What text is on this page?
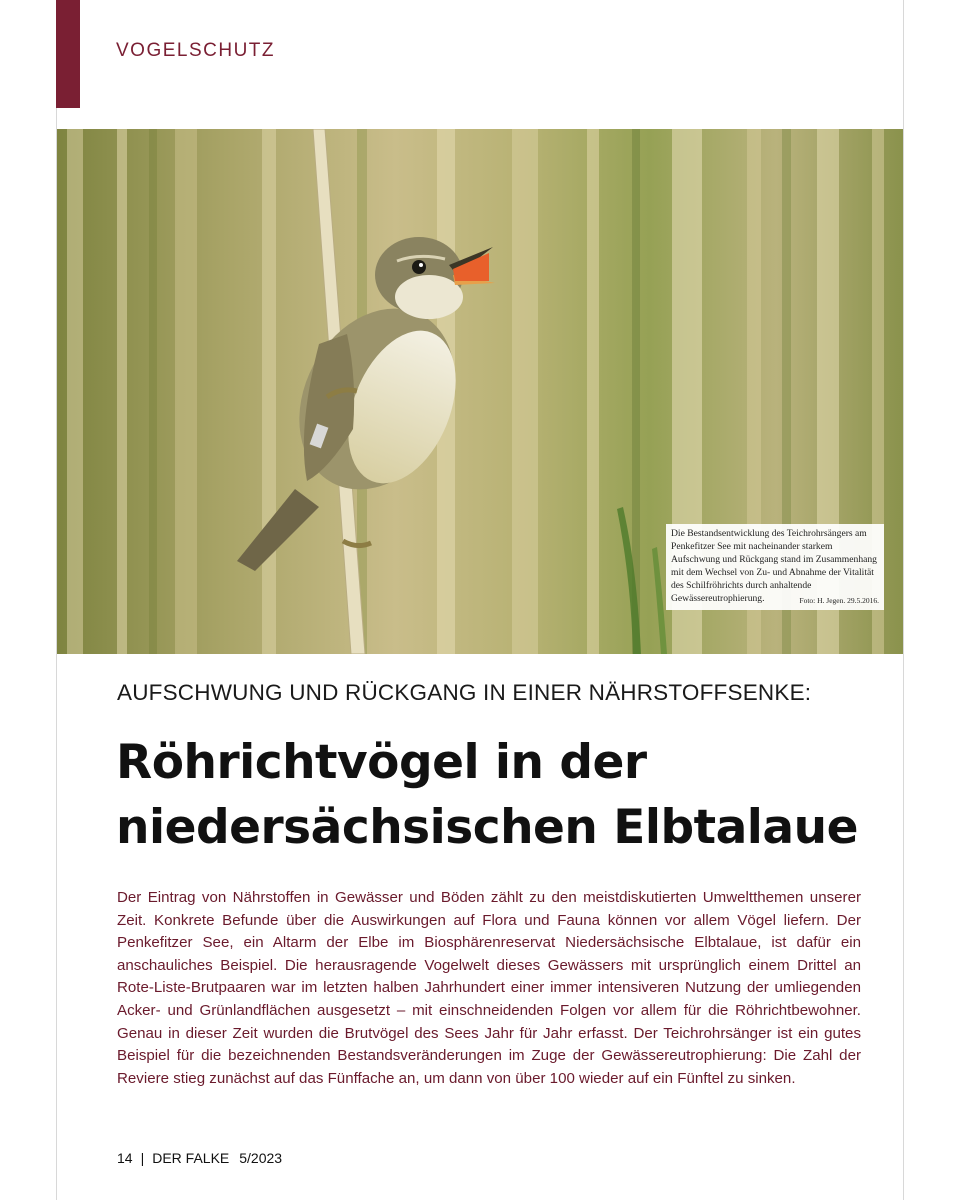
VOGELSCHUTZ
Die Bestandsentwicklung des Teichrohrsängers am Penkefitzer See mit nacheinander starkem Aufschwung und Rückgang stand im Zusammenhang mit dem Wechsel von Zu- und Abnahme der Vitalität des Schilfröhrichts durch anhaltende Gewässereutrophierung.	Foto: H. Jegen. 29.5.2016.
AUFSCHWUNG UND RÜCKGANG IN EINER NÄHRSTOFFSENKE:
Röhrichtvögel in der
niedersächsischen Elbtalaue
Der Eintrag von Nährstoffen in Gewässer und Böden zählt zu den meistdiskutierten Umweltthemen unserer Zeit. Konkrete Befunde über die Auswirkungen auf Flora und Fauna können vor allem Vögel liefern. Der Penkefitzer See, ein Altarm der Elbe im Biosphärenreservat Niedersächsische Elbtalaue, ist dafür ein anschauliches Beispiel. Die herausragende Vogelwelt dieses Gewässers mit ursprünglich einem Drittel an Rote-Liste-Brutpaaren war im letzten halben Jahrhundert einer immer intensiveren Nutzung der umliegenden Acker- und Grünlandflächen ausgesetzt – mit einschneidenden Folgen vor allem für die Röhrichtbewohner. Genau in dieser Zeit wurden die Brutvögel des Sees Jahr für Jahr erfasst. Der Teichrohrsänger ist ein gutes Beispiel für die bezeichnenden Bestandsveränderungen im Zuge der Gewässereutrophierung: Die Zahl der Reviere stieg zunächst auf das Fünffache an, um dann von über 100 wieder auf ein Fünftel zu sinken.
14 | DER FALKE 5/2023
